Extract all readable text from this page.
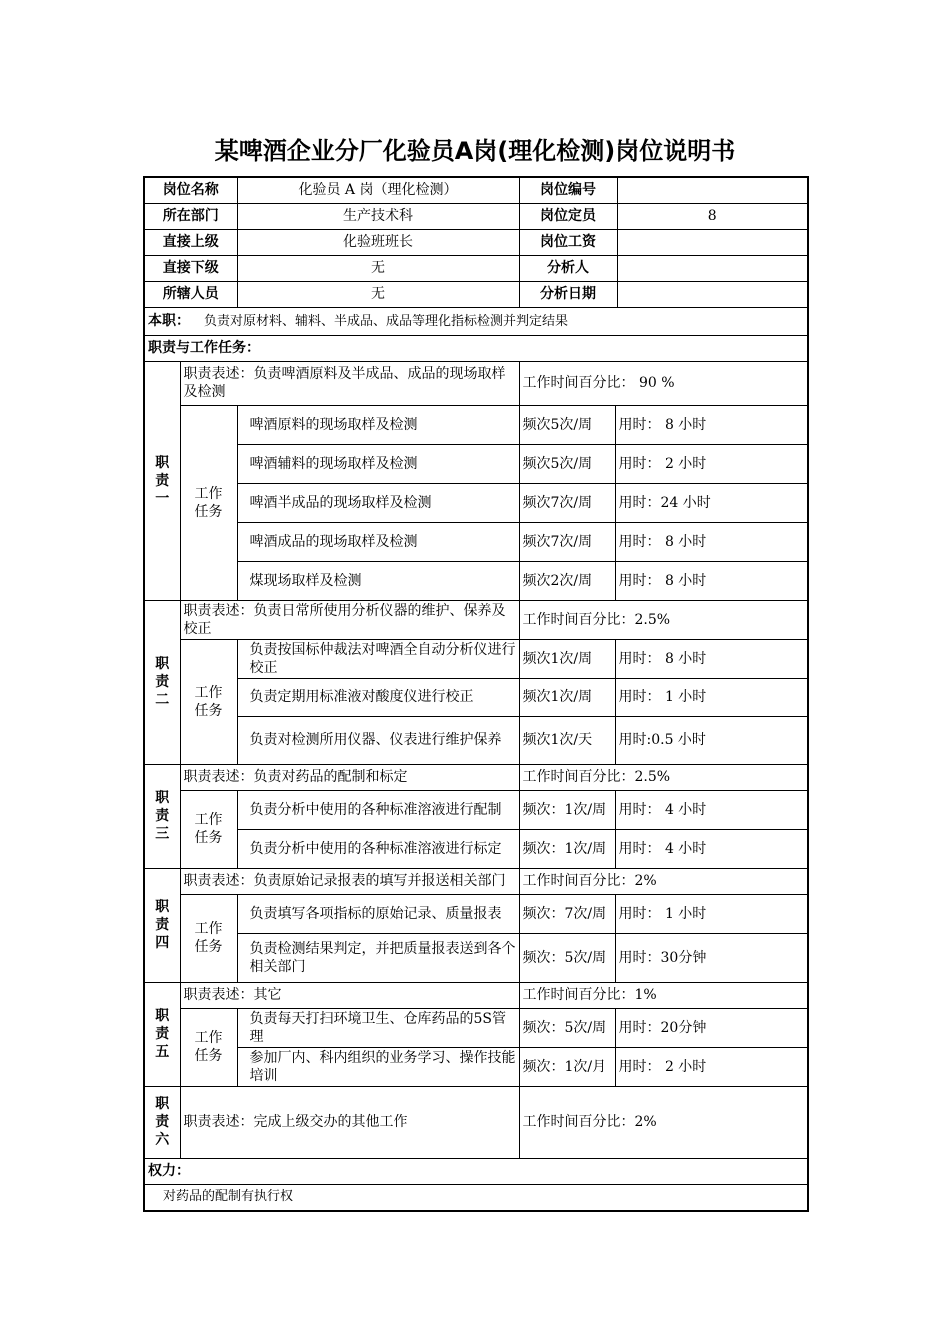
某啤酒企业分厂化验员A岗(理化检测)岗位说明书
岗位名称		化验员 A 岗（理化检测）	岗位编号		
所在部门		生产技术科	岗位定员		8
直接上级		化验班班长	岗位工资		
直接下级		无	分析人		
所辖人员		无	分析日期		
本职： 负责对原材料、辅料、半成品、成品等理化指标检测并判定结果					
职责与工作任务：					

职
责
一	职责表述：负责啤酒原料及半成品、成品的现场取样及检测		工作时间百分比： 90 %		

	工作
任务	啤酒原料的现场取样及检测	频次5次/周	用时： 8 小时	
		啤酒辅料的现场取样及检测	频次5次/周	用时： 2 小时	
		啤酒半成品的现场取样及检测	频次7次/周	用时：24 小时	
		啤酒成品的现场取样及检测	频次7次/周	用时： 8 小时	
		煤现场取样及检测	频次2次/周	用时： 8 小时	

职
责
二	职责表述：负责日常所使用分析仪器的维护、保养及校正		工作时间百分比：2.5%		

	工作
任务	负责按国标仲裁法对啤酒全自动分析仪进行校正	频次1次/周	用时： 8 小时	
		负责定期用标准液对酸度仪进行校正	频次1次/周	用时： 1 小时	
		负责对检测所用仪器、仪表进行维护保养	频次1次/天	用时:0.5 小时	

职
责
三	职责表述：负责对药品的配制和标定		工作时间百分比：2.5%		

	工作
任务	负责分析中使用的各种标准溶液进行配制	频次：1次/周	用时： 4 小时	
		负责分析中使用的各种标准溶液进行标定	频次：1次/周	用时： 4 小时	

职
责
四	职责表述：负责原始记录报表的填写并报送相关部门		工作时间百分比：2%		

	工作
任务	负责填写各项指标的原始记录、质量报表	频次：7次/周	用时： 1 小时	
		负责检测结果判定，并把质量报表送到各个相关部门	频次：5次/周	用时：30分钟	

职
责
五	职责表述：其它		工作时间百分比：1%		

	工作
任务	负责每天打扫环境卫生、仓库药品的5S管理	频次：5次/周	用时：20分钟	
		参加厂内、科内组织的业务学习、操作技能培训	频次：1次/月	用时： 2 小时	

职
责
六	职责表述：完成上级交办的其他工作		工作时间百分比：2%		
权力：					
对药品的配制有执行权					
